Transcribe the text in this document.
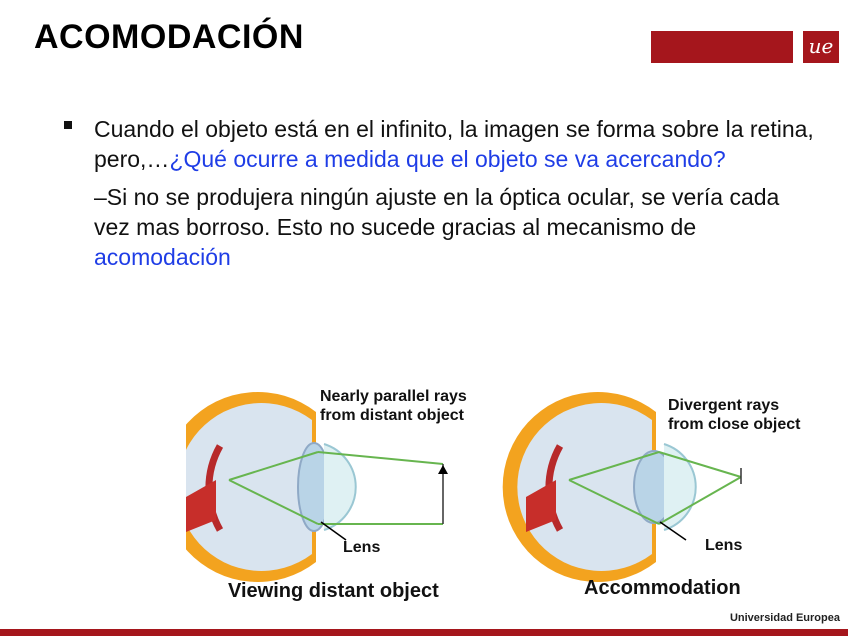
ACOMODACIÓN	ue

Cuando el objeto está en el infinito, la imagen se forma sobre la retina, pero,…¿Qué ocurre a medida que el objeto se va acercando?

–Si no se produjera ningún ajuste en la óptica ocular, se vería cada vez mas borroso. Esto no sucede gracias al mecanismo de acomodación

Nearly parallel rays
from distant object
Lens
Viewing distant object
Divergent rays
from close object
Lens
Accommodation
Universidad Europea
